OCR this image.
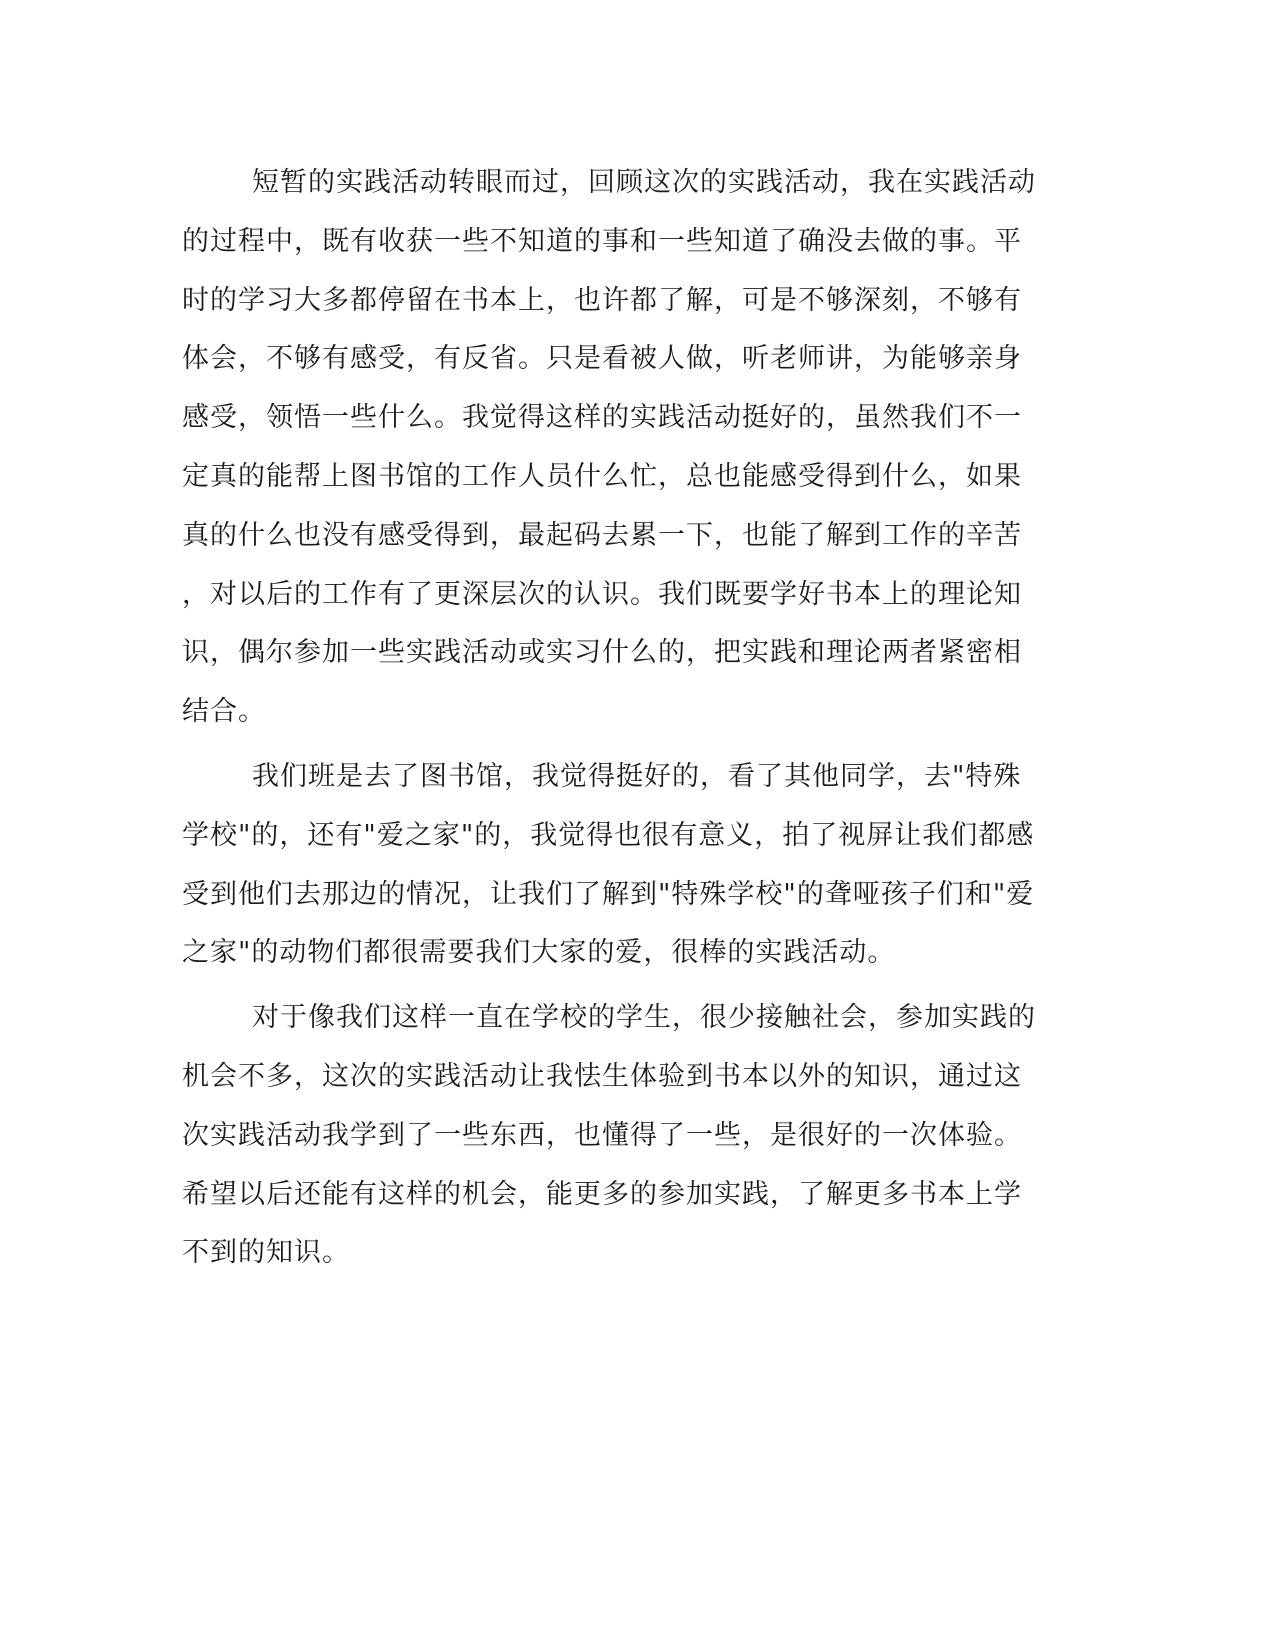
短暂的实践活动转眼而过，回顾这次的实践活动，我在实践活动
的过程中，既有收获一些不知道的事和一些知道了确没去做的事。平
时的学习大多都停留在书本上，也许都了解，可是不够深刻，不够有
体会，不够有感受，有反省。只是看被人做，听老师讲，为能够亲身
感受，领悟一些什么。我觉得这样的实践活动挺好的，虽然我们不一
定真的能帮上图书馆的工作人员什么忙，总也能感受得到什么，如果
真的什么也没有感受得到，最起码去累一下，也能了解到工作的辛苦
，对以后的工作有了更深层次的认识。我们既要学好书本上的理论知
识，偶尔参加一些实践活动或实习什么的，把实践和理论两者紧密相
结合。
我们班是去了图书馆，我觉得挺好的，看了其他同学，去"特殊
学校"的，还有"爱之家"的，我觉得也很有意义，拍了视屏让我们都感
受到他们去那边的情况，让我们了解到"特殊学校"的聋哑孩子们和"爱
之家"的动物们都很需要我们大家的爱，很棒的实践活动。
对于像我们这样一直在学校的学生，很少接触社会，参加实践的
机会不多，这次的实践活动让我怯生体验到书本以外的知识，通过这
次实践活动我学到了一些东西，也懂得了一些，是很好的一次体验。
希望以后还能有这样的机会，能更多的参加实践，了解更多书本上学
不到的知识。
